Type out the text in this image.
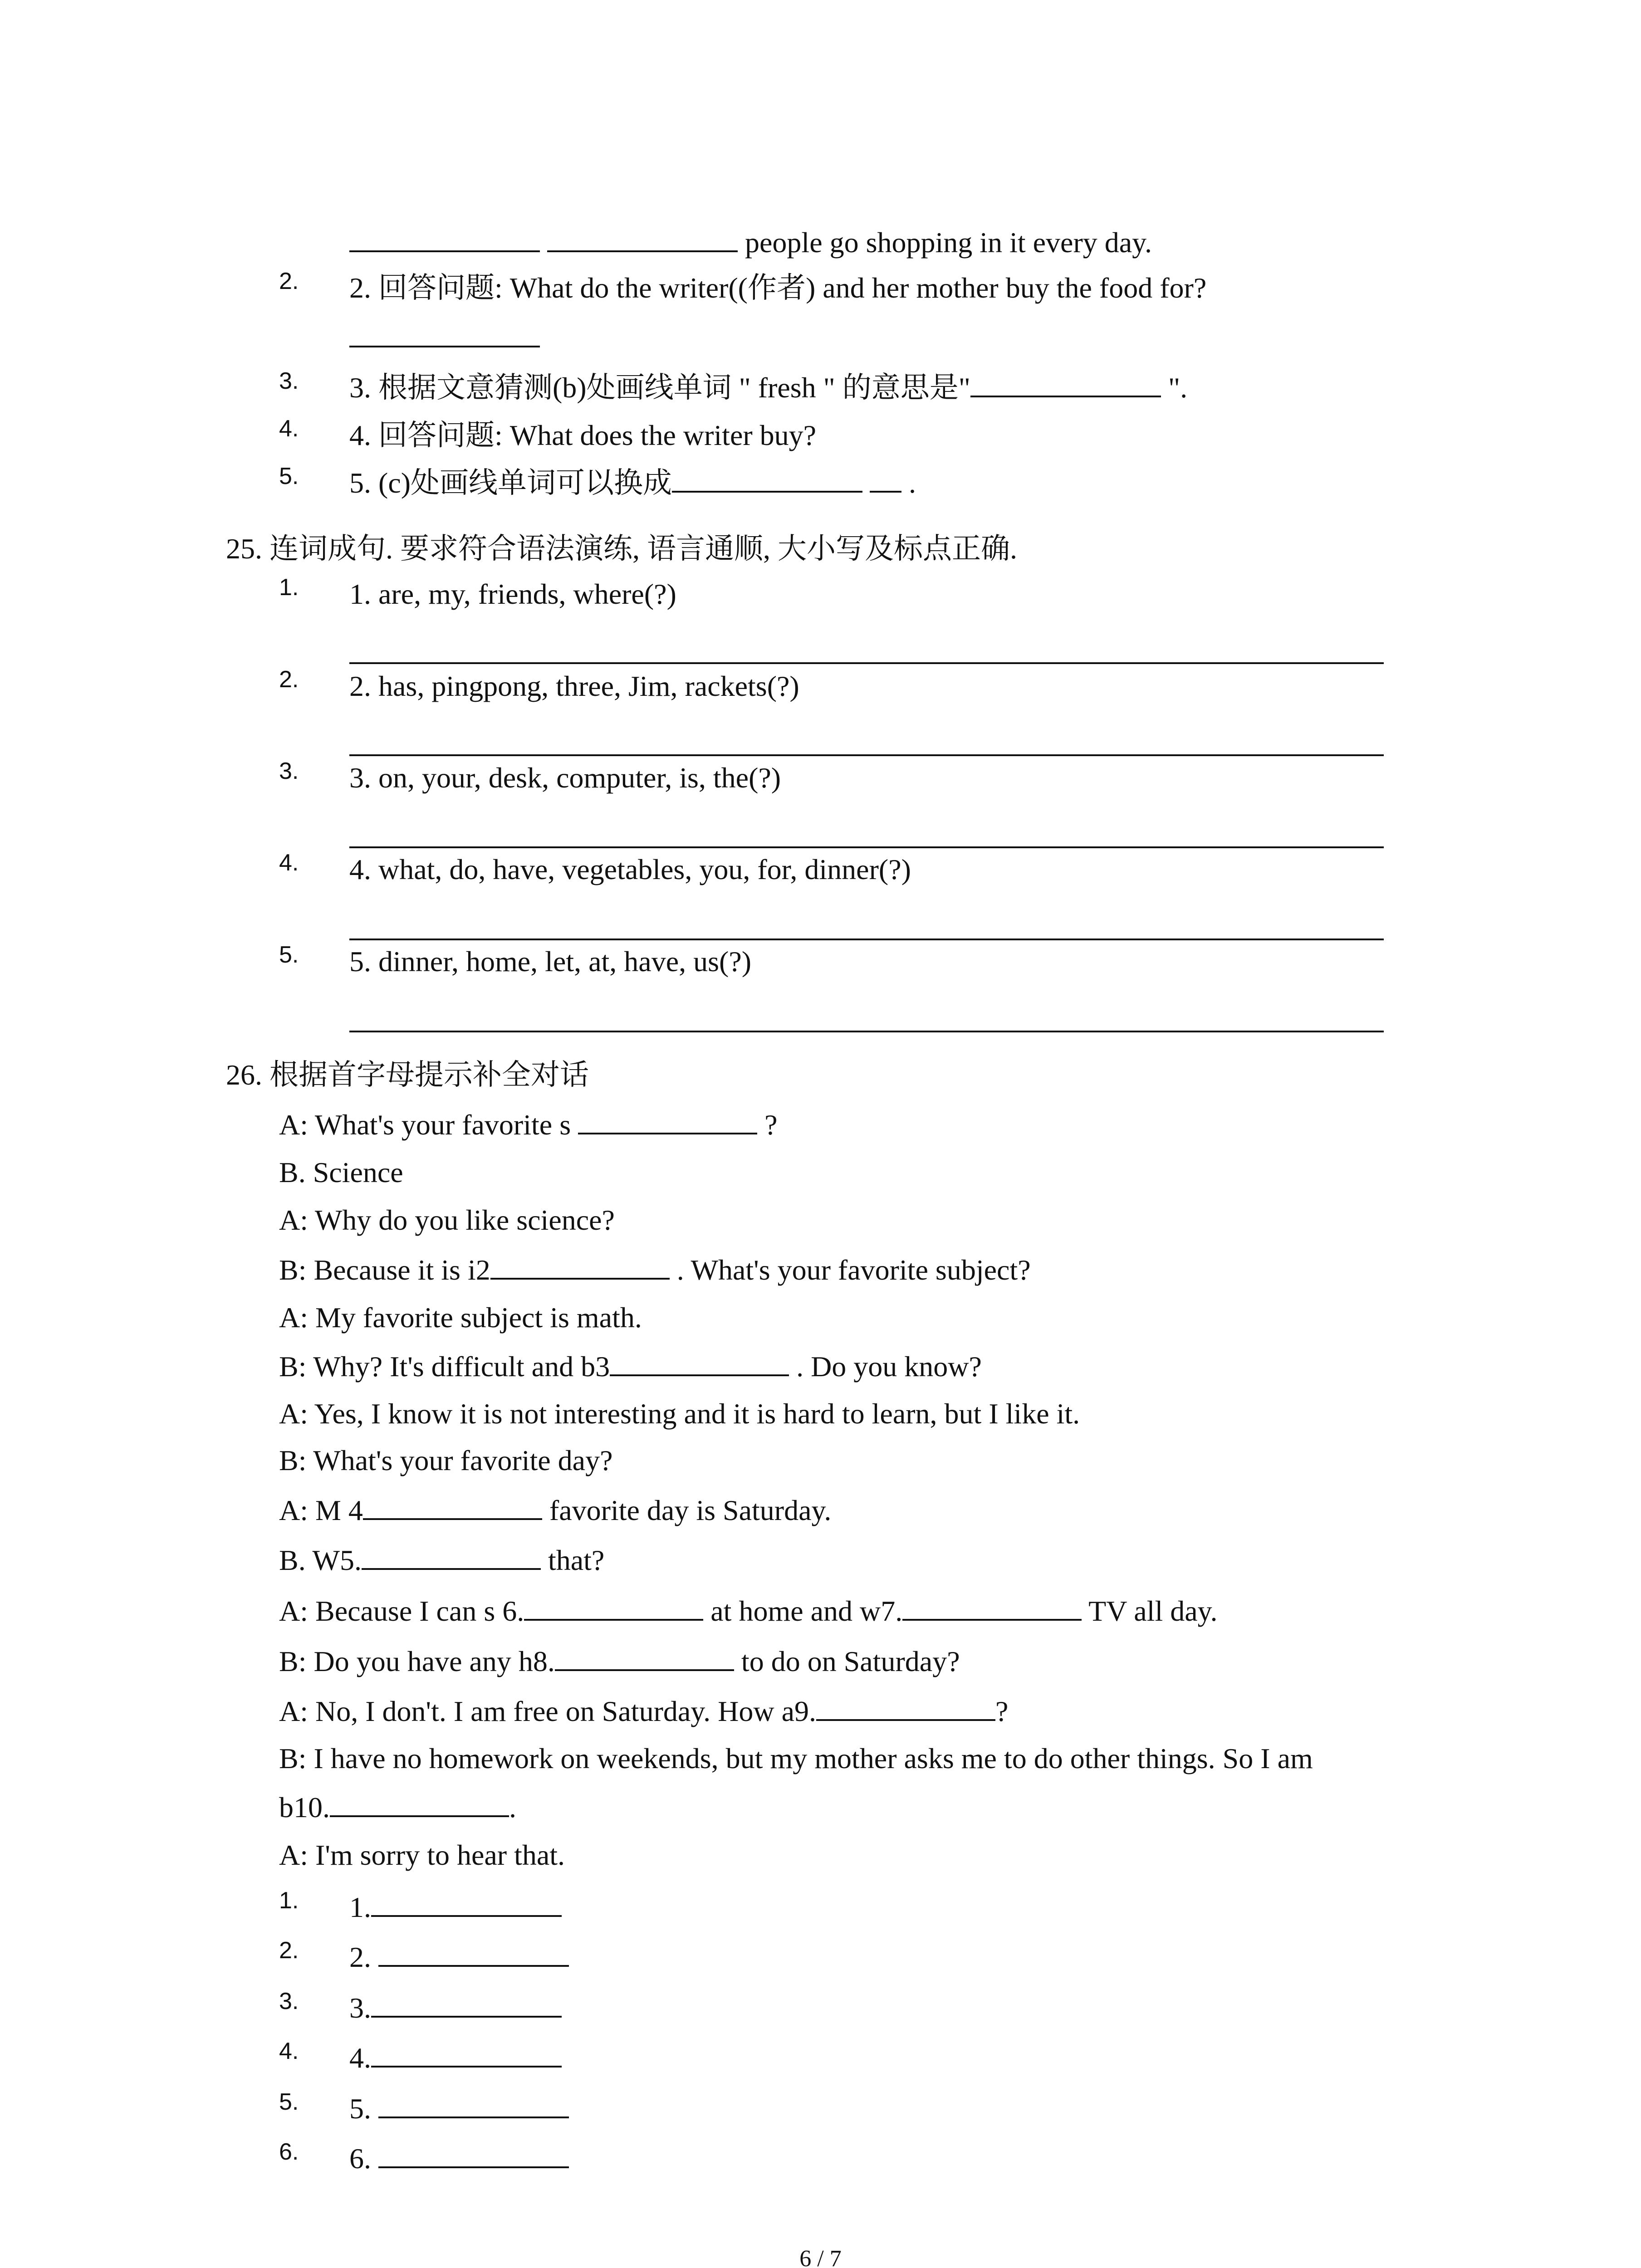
people go shopping in it every day.
2. 2. 回答问题: What do the writer((作者) and her mother buy the food for?
3. 3. 根据文意猜测(b)处画线单词 " fresh " 的意思是"	".
4. 4. 回答问题: What does the writer buy?
5. 5. (c)处画线单词可以换成	.
25. 连词成句. 要求符合语法演练, 语言通顺, 大小写及标点正确.
1. 1. are, my, friends, where(?)
2. 2. has, pingpong, three, Jim, rackets(?)
3. 3. on, your, desk, computer, is, the(?)
4. 4. what, do, have, vegetables, you, for, dinner(?)
5. 5. dinner, home, let, at, have, us(?)
26. 根据首字母提示补全对话
A: What's your favorite s	?
B. Science
A: Why do you like science?
B: Because it is i2	. What's your favorite subject?
A: My favorite subject is math.
B: Why? It's difficult and b3	. Do you know?
A: Yes, I know it is not interesting and it is hard to learn, but I like it.
B: What's your favorite day?
A: M 4	favorite day is Saturday.
B. W5.	that?
A: Because I can s 6.	at home and w7.	TV all day.
B: Do you have any h8.	to do on Saturday?
A: No, I don't. I am free on Saturday. How a9.	?
B: I have no homework on weekends, but my mother asks me to do other things. So I am
b10.	.
A: I'm sorry to hear that.
1. 1.
2. 2.
3. 3.
4. 4.
5. 5.
6. 6.
6 / 7
